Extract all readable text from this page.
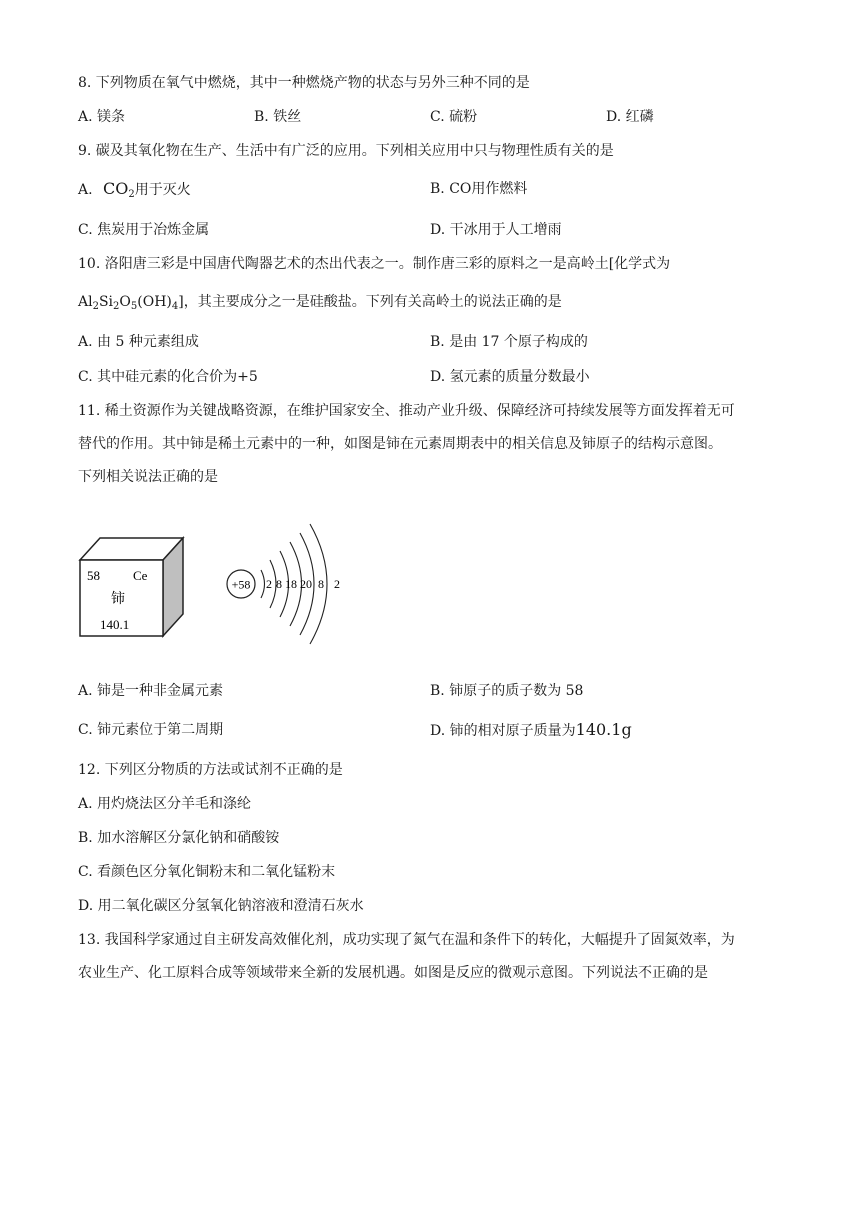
8. 下列物质在氧气中燃烧，其中一种燃烧产物的状态与另外三种不同的是
A. 镁条	B. 铁丝	C. 硫粉	D. 红磷
9. 碳及其氧化物在生产、生活中有广泛的应用。下列相关应用中只与物理性质有关的是
A. $CO_2$用于灭火	B. CO用作燃料
C. 焦炭用于冶炼金属	D. 干冰用于人工增雨
10. 洛阳唐三彩是中国唐代陶器艺术的杰出代表之一。制作唐三彩的原料之一是高岭土[化学式为
$Al_2Si_2O_5(OH)_4$]，其主要成分之一是硅酸盐。下列有关高岭土的说法正确的是
A. 由 5 种元素组成	B. 是由 17 个原子构成的
C. 其中硅元素的化合价为+5	D. 氢元素的质量分数最小
11. 稀土资源作为关键战略资源，在维护国家安全、推动产业升级、保障经济可持续发展等方面发挥着无可
替代的作用。其中铈是稀土元素中的一种，如图是铈在元素周期表中的相关信息及铈原子的结构示意图。
下列相关说法正确的是
58	Ce
铈
140.1
+58 2 8 18 20 8 2
A. 铈是一种非金属元素	B. 铈原子的质子数为 58
C. 铈元素位于第二周期	D. 铈的相对原子质量为140.1g
12. 下列区分物质的方法或试剂不正确的是
A. 用灼烧法区分羊毛和涤纶
B. 加水溶解区分氯化钠和硝酸铵
C. 看颜色区分氧化铜粉末和二氧化锰粉末
D. 用二氧化碳区分氢氧化钠溶液和澄清石灰水
13. 我国科学家通过自主研发高效催化剂，成功实现了氮气在温和条件下的转化，大幅提升了固氮效率，为
农业生产、化工原料合成等领域带来全新的发展机遇。如图是反应的微观示意图。下列说法不正确的是
